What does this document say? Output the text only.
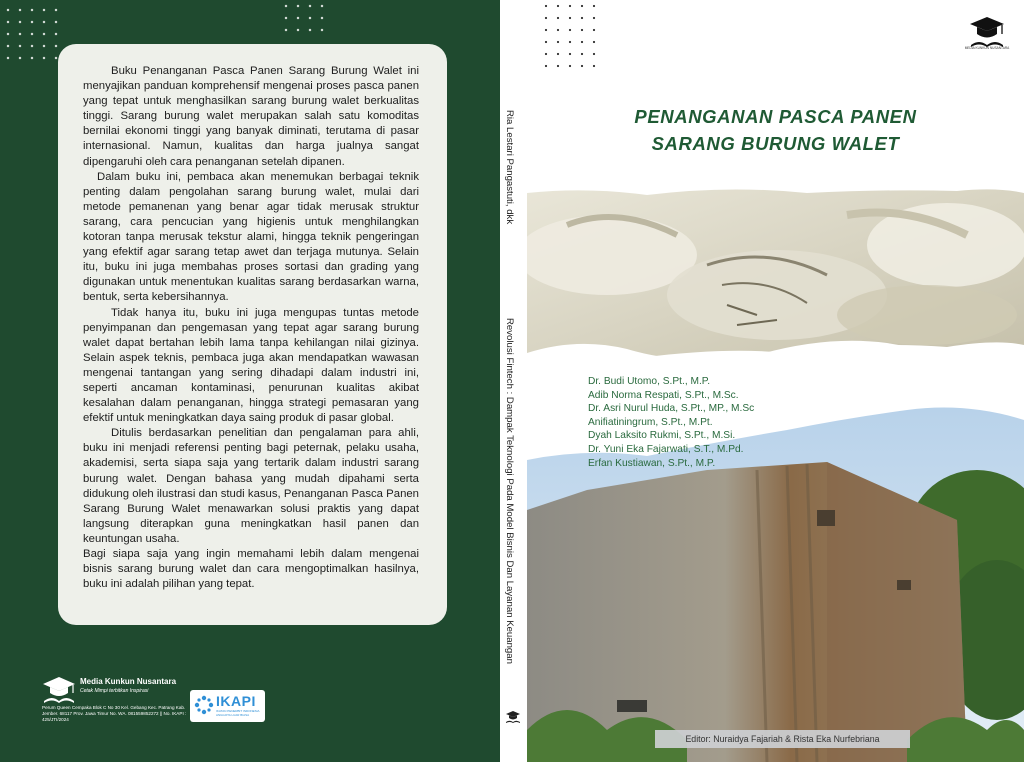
Buku Penanganan Pasca Panen Sarang Burung Walet ini menyajikan panduan komprehensif mengenai proses pasca panen yang tepat untuk menghasilkan sarang burung walet berkualitas tinggi. Sarang burung walet merupakan salah satu komoditas bernilai ekonomi tinggi yang banyak diminati, terutama di pasar internasional. Namun, kualitas dan harga jualnya sangat dipengaruhi oleh cara penanganan setelah dipanen.

Dalam buku ini, pembaca akan menemukan berbagai teknik penting dalam pengolahan sarang burung walet, mulai dari metode pemanenan yang benar agar tidak merusak struktur sarang, cara pencucian yang higienis untuk menghilangkan kotoran tanpa merusak tekstur alami, hingga teknik pengeringan yang efektif agar sarang tetap awet dan terjaga mutunya. Selain itu, buku ini juga membahas proses sortasi dan grading yang digunakan untuk menentukan kualitas sarang berdasarkan warna, bentuk, serta kebersihannya.

Tidak hanya itu, buku ini juga mengupas tuntas metode penyimpanan dan pengemasan yang tepat agar sarang burung walet dapat bertahan lebih lama tanpa kehilangan nilai gizinya. Selain aspek teknis, pembaca juga akan mendapatkan wawasan mengenai tantangan yang sering dihadapi dalam industri ini, seperti ancaman kontaminasi, penurunan kualitas akibat kesalahan dalam penanganan, hingga strategi pemasaran yang efektif untuk meningkatkan daya saing produk di pasar global.

Ditulis berdasarkan penelitian dan pengalaman para ahli, buku ini menjadi referensi penting bagi peternak, pelaku usaha, akademisi, serta siapa saja yang tertarik dalam industri sarang burung walet. Dengan bahasa yang mudah dipahami serta didukung oleh ilustrasi dan studi kasus, Penanganan Pasca Panen Sarang Burung Walet menawarkan solusi praktis yang dapat langsung diterapkan guna meningkatkan hasil panen dan keuntungan usaha.

Bagi siapa saja yang ingin memahami lebih dalam mengenai bisnis sarang burung walet dan cara mengoptimalkan hasilnya, buku ini adalah pilihan yang tepat.

Media Kunkun Nusantara
Cetak Mimpi terbitkan Inspirasi
Perum Queen Cempaka Blok C No 30 Kel. Gebang Kec. Patrang Kab. Jember. 68117 Prov. Jawa Timur No. WA. 081559852272 || No. IKAPI : 425/JTI/2024
IKAPI
IKATAN PENERBIT INDONESIA ANGGOTA LUAR BIASA
Ria Lestari Pangastuti, dkk
Revolusi Fintech : Dampak Teknologi Pada Model Bisnis Dan Layanan Keuangan
MEDIA KUNKUN NUSANTARA
PENANGANAN PASCA PANEN
SARANG BURUNG WALET
Dr. Budi Utomo, S.Pt., M.P.
Adib Norma Respati, S.Pt., M.Sc.
Dr. Asri Nurul Huda, S.Pt., MP., M.Sc
Anifiatiningrum, S.Pt., M.Pt.
Dyah Laksito Rukmi, S.Pt., M.Si.
Dr. Yuni Eka Fajarwati, S.T., M.Pd.
Erfan Kustiawan, S.Pt., M.P.
Editor: Nuraidya Fajariah & Rista Eka Nurfebriana
